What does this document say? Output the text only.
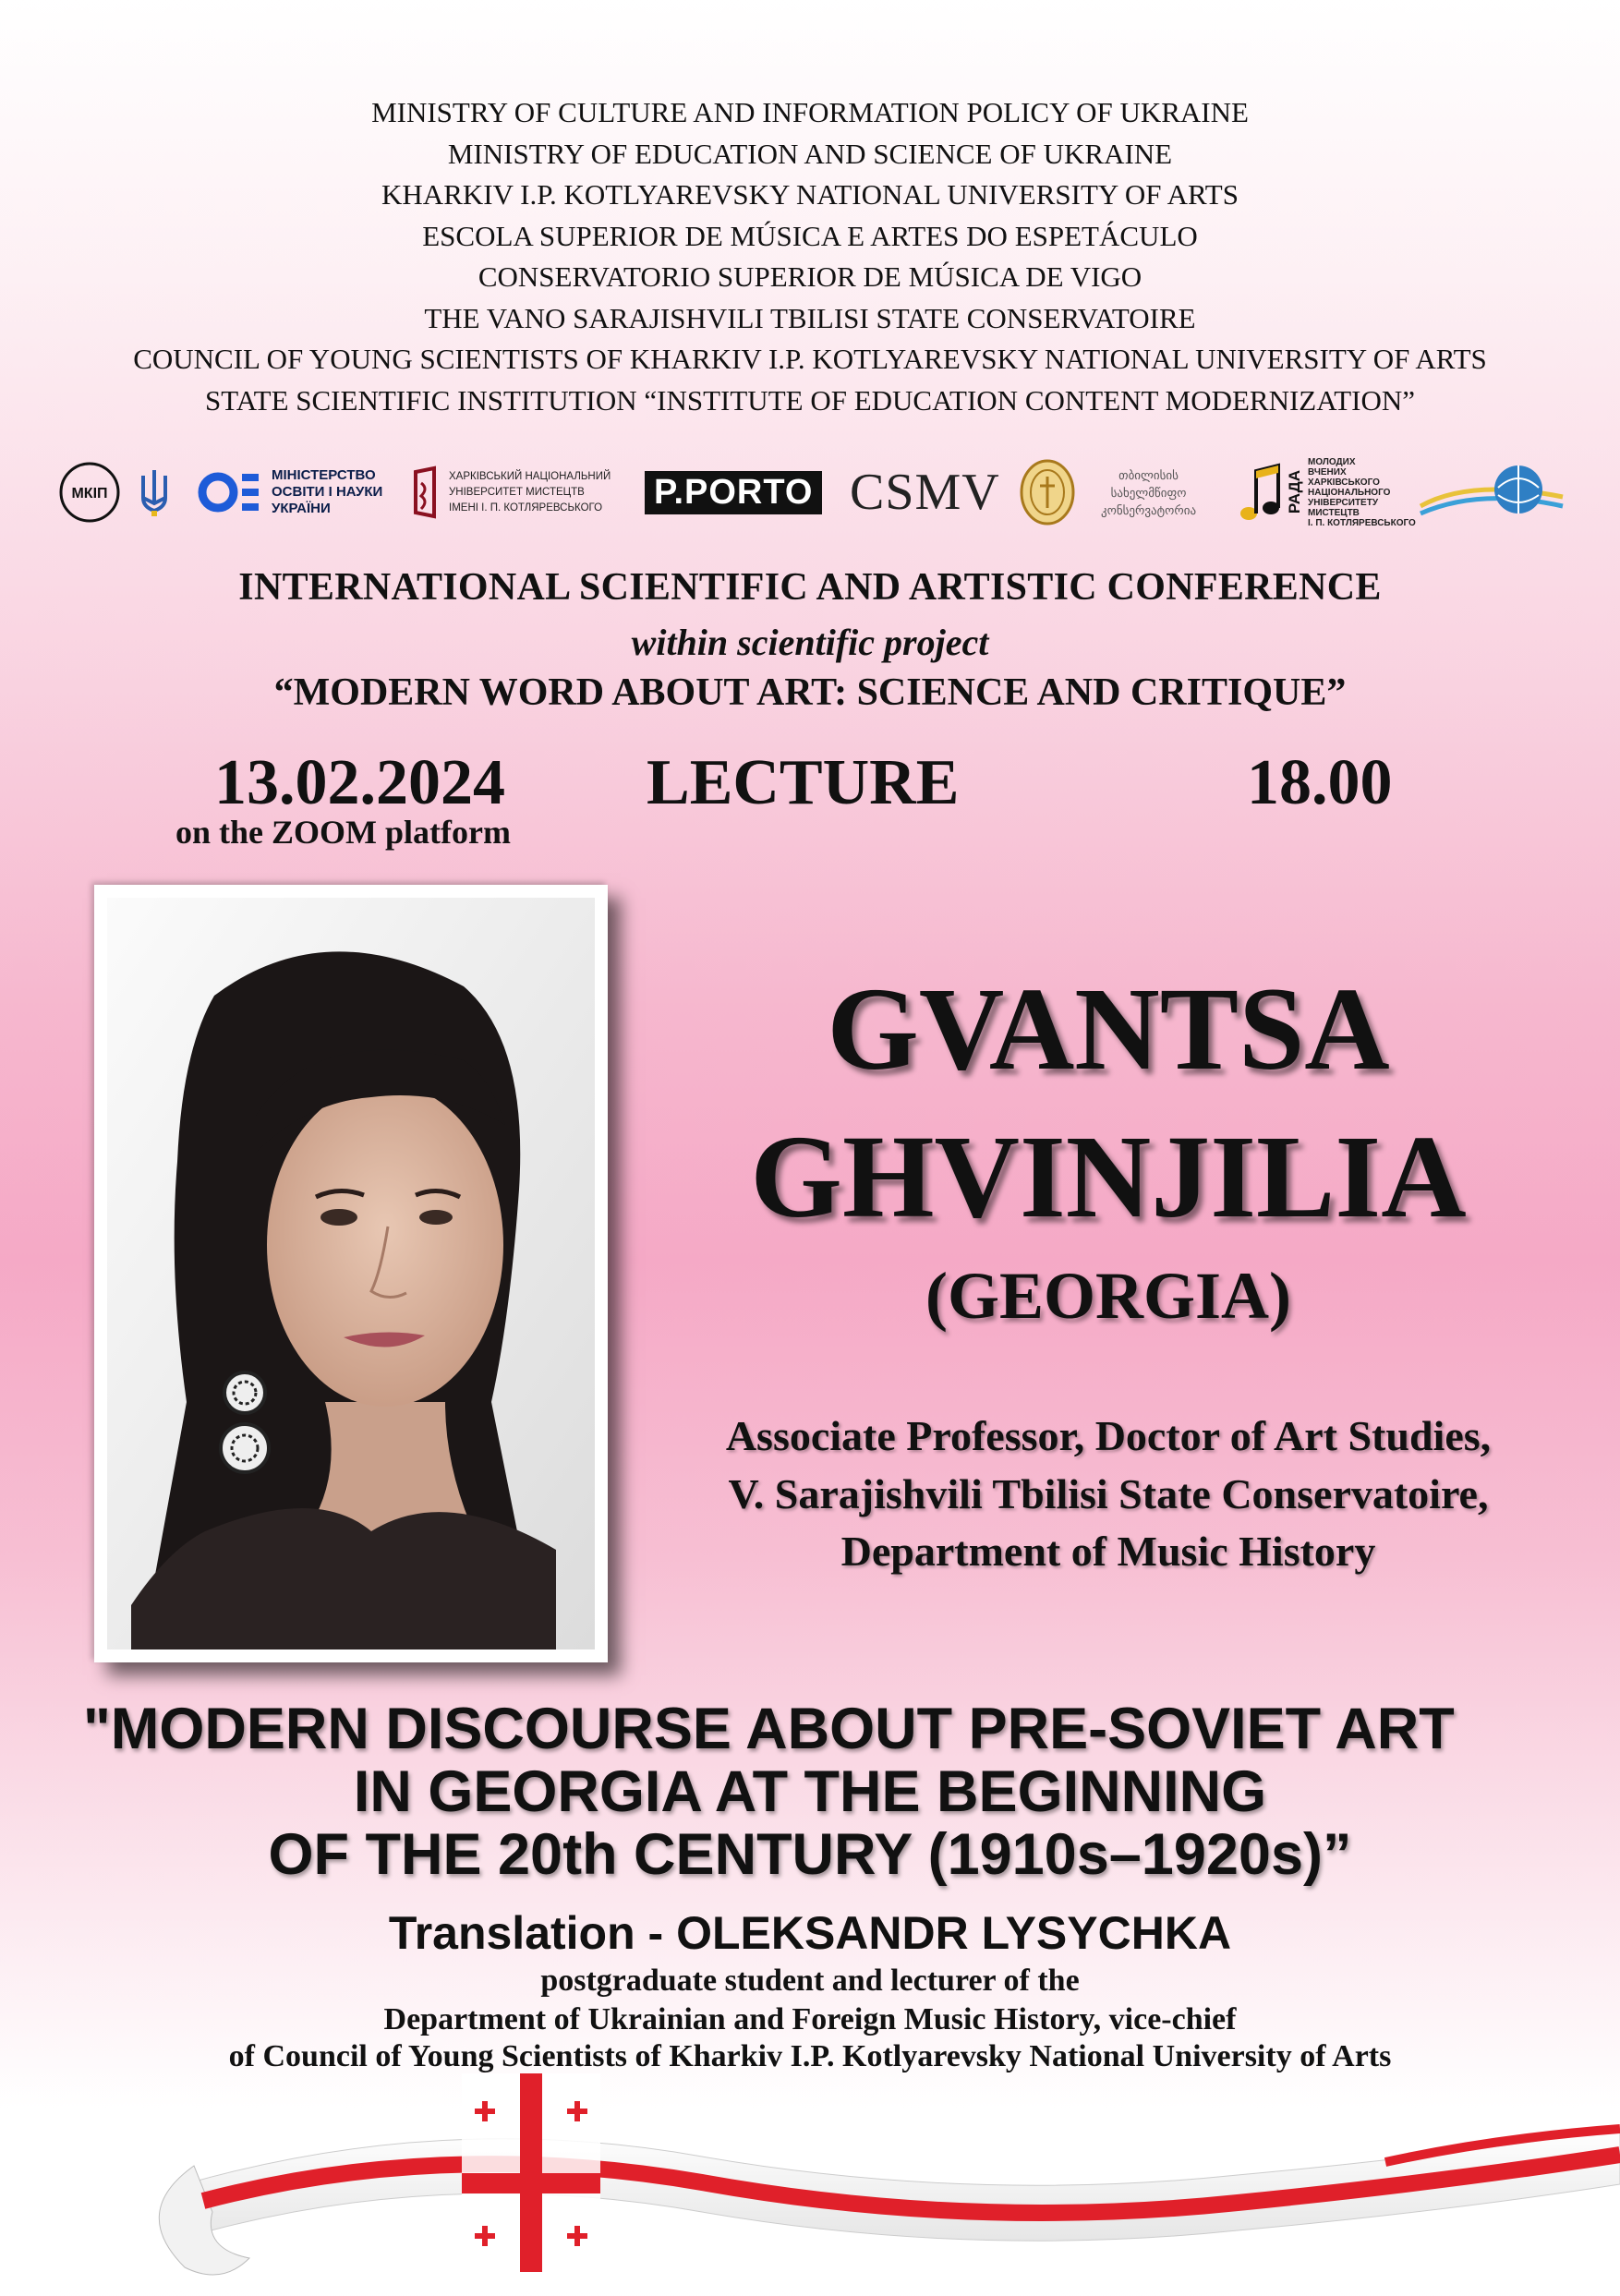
MINISTRY OF CULTURE AND INFORMATION POLICY OF UKRAINE
MINISTRY OF EDUCATION AND SCIENCE OF UKRAINE
KHARKIV I.P. KOTLYAREVSKY NATIONAL UNIVERSITY OF ARTS
ESCOLA SUPERIOR DE MÚSICA E ARTES DO ESPETÁCULO
CONSERVATORIO SUPERIOR DE MÚSICA DE VIGO
THE VANO SARAJISHVILI TBILISI STATE CONSERVATOIRE
COUNCIL OF YOUNG SCIENTISTS OF KHARKIV I.P. KOTLYAREVSKY NATIONAL UNIVERSITY OF ARTS
STATE SCIENTIFIC INSTITUTION “INSTITUTE OF EDUCATION CONTENT MODERNIZATION”
МКІП
МІНІСТЕРСТВО
ОСВІТИ І НАУКИ
УКРАЇНИ
ХАРКІВСЬКИЙ НАЦІОНАЛЬНИЙ
УНІВЕРСИТЕТ МИСТЕЦТВ
ІМЕНІ І. П. КОТЛЯРЕВСЬКОГО P.PORTO CSMV	თბილისის
სახელმწიფო
კონსერვატორია	РАДА
МОЛОДИХ
ВЧЕНИХ
ХАРКІВСЬКОГО
НАЦІОНАЛЬНОГО
УНІВЕРСИТЕТУ
МИСТЕЦТВ
І. П. КОТЛЯРЕВСЬКОГО
INTERNATIONAL SCIENTIFIC AND ARTISTIC CONFERENCE
within scientific project
“MODERN WORD ABOUT ART: SCIENCE AND CRITIQUE”
13.02.2024
on the ZOOM platform
LECTURE	18.00
GVANTSA
GHVINJILIA
(GEORGIA)
Associate Professor, Doctor of Art Studies,
V. Sarajishvili Tbilisi State Conservatoire,
Department of Music History
"MODERN DISCOURSE ABOUT PRE-SOVIET ART
IN GEORGIA AT THE BEGINNING
OF THE 20th CENTURY (1910s–1920s)”
Translation - OLEKSANDR LYSYCHKA
postgraduate student and lecturer of the
Department of Ukrainian and Foreign Music History, vice-chief
of Council of Young Scientists of Kharkiv I.P. Kotlyarevsky National University of Arts
